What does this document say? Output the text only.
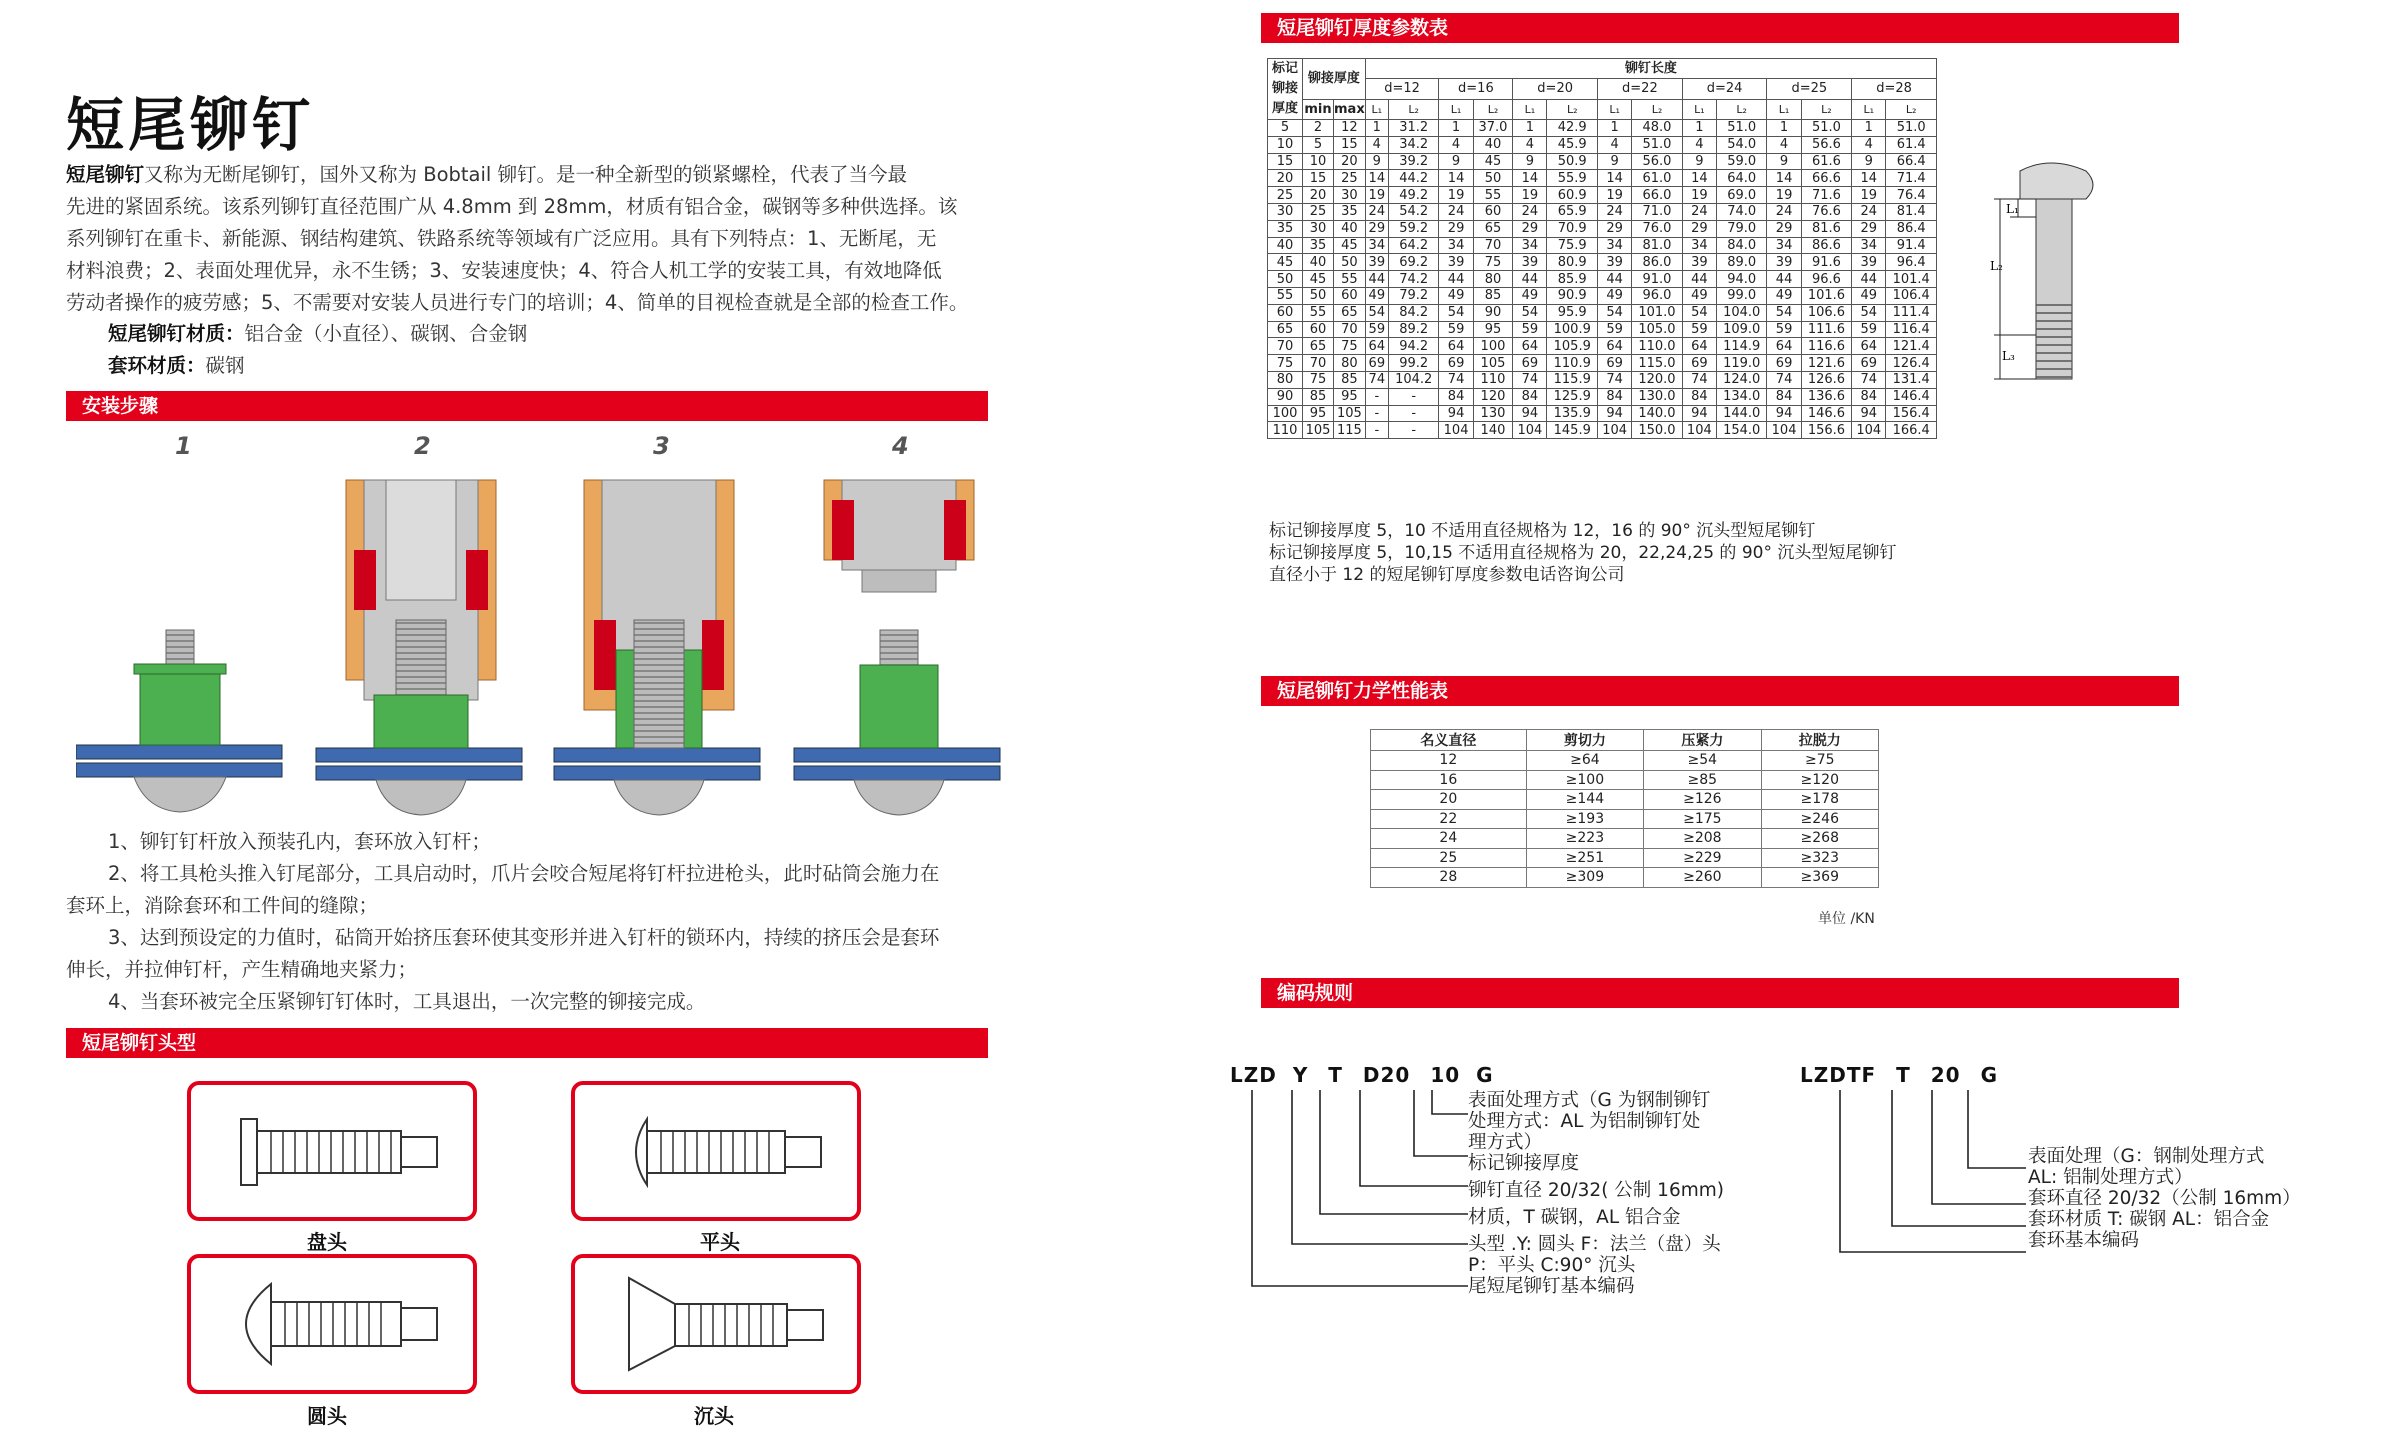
短尾铆钉
短尾铆钉又称为无断尾铆钉，国外又称为 Bobtail 铆钉。是一种全新型的锁紧螺栓，代表了当今最
先进的紧固系统。该系列铆钉直径范围广从 4.8mm 到 28mm，材质有铝合金，碳钢等多种供选择。该
系列铆钉在重卡、新能源、钢结构建筑、铁路系统等领域有广泛应用。具有下列特点：1、无断尾，无
材料浪费；2、表面处理优异，永不生锈；3、安装速度快；4、符合人机工学的安装工具，有效地降低
劳动者操作的疲劳感；5、不需要对安装人员进行专门的培训；4、简单的目视检查就是全部的检查工作。
短尾铆钉材质：铝合金（小直径）、碳钢、合金钢
套环材质：碳钢
安装步骤
1	2	3	4
1、铆钉钉杆放入预装孔内，套环放入钉杆；
2、将工具枪头推入钉尾部分，工具启动时，爪片会咬合短尾将钉杆拉进枪头，此时砧筒会施力在
套环上，消除套环和工件间的缝隙；
3、达到预设定的力值时，砧筒开始挤压套环使其变形并进入钉杆的锁环内，持续的挤压会是套环
伸长，并拉伸钉杆，产生精确地夹紧力；
4、当套环被完全压紧铆钉钉体时，工具退出，一次完整的铆接完成。
短尾铆钉头型
盘头	平头
圆头	沉头
短尾铆钉厚度参数表
标记铆接厚度	铆接厚度		铆钉长度													
			d=12		d=16		d=20		d=22		d=24		d=25		d=28	
	min	max	L₁	L₂	L₁	L₂	L₁	L₂	L₁	L₂	L₁	L₂	L₁	L₂	L₁	L₂
5	2	12	1	31.2	1	37.0	1	42.9	1	48.0	1	51.0	1	51.0	1	51.0
10	5	15	4	34.2	4	40	4	45.9	4	51.0	4	54.0	4	56.6	4	61.4
15	10	20	9	39.2	9	45	9	50.9	9	56.0	9	59.0	9	61.6	9	66.4
20	15	25	14	44.2	14	50	14	55.9	14	61.0	14	64.0	14	66.6	14	71.4
25	20	30	19	49.2	19	55	19	60.9	19	66.0	19	69.0	19	71.6	19	76.4
30	25	35	24	54.2	24	60	24	65.9	24	71.0	24	74.0	24	76.6	24	81.4
35	30	40	29	59.2	29	65	29	70.9	29	76.0	29	79.0	29	81.6	29	86.4
40	35	45	34	64.2	34	70	34	75.9	34	81.0	34	84.0	34	86.6	34	91.4
45	40	50	39	69.2	39	75	39	80.9	39	86.0	39	89.0	39	91.6	39	96.4
50	45	55	44	74.2	44	80	44	85.9	44	91.0	44	94.0	44	96.6	44	101.4
55	50	60	49	79.2	49	85	49	90.9	49	96.0	49	99.0	49	101.6	49	106.4
60	55	65	54	84.2	54	90	54	95.9	54	101.0	54	104.0	54	106.6	54	111.4
65	60	70	59	89.2	59	95	59	100.9	59	105.0	59	109.0	59	111.6	59	116.4
70	65	75	64	94.2	64	100	64	105.9	64	110.0	64	114.9	64	116.6	64	121.4
75	70	80	69	99.2	69	105	69	110.9	69	115.0	69	119.0	69	121.6	69	126.4
80	75	85	74	104.2	74	110	74	115.9	74	120.0	74	124.0	74	126.6	74	131.4
90	85	95	-	-	84	120	84	125.9	84	130.0	84	134.0	84	136.6	84	146.4
100	95	105	-	-	94	130	94	135.9	94	140.0	94	144.0	94	146.6	94	156.4
110	105	115	-	-	104	140	104	145.9	104	150.0	104	154.0	104	156.6	104	166.4
标记铆接厚度 5，10 不适用直径规格为 12，16 的 90° 沉头型短尾铆钉
标记铆接厚度 5，10,15 不适用直径规格为 20，22,24,25 的 90° 沉头型短尾铆钉
直径小于 12 的短尾铆钉厚度参数电话咨询公司
L₁
L₂
L₃
短尾铆钉力学性能表
名义直径	剪切力	压紧力	拉脱力
12	≥64	≥54	≥75
16	≥100	≥85	≥120
20	≥144	≥126	≥178
22	≥193	≥175	≥246
24	≥223	≥208	≥268
25	≥251	≥229	≥323
28	≥309	≥260	≥369
单位 /KN
编码规则
LZD Y T D20 10 G
表面处理方式（G 为钢制铆钉
处理方式：AL 为铝制铆钉处
理方式）
标记铆接厚度
铆钉直径 20/32( 公制 16mm)
材质，T 碳钢，AL 铝合金
头型 .Y: 圆头 F：法兰（盘）头
P：平头 C:90° 沉头
尾短尾铆钉基本编码
LZDTF T 20 G
表面处理（G：钢制处理方式
AL: 铝制处理方式）
套环直径 20/32（公制 16mm）
套环材质 T: 碳钢 AL：铝合金
套环基本编码
